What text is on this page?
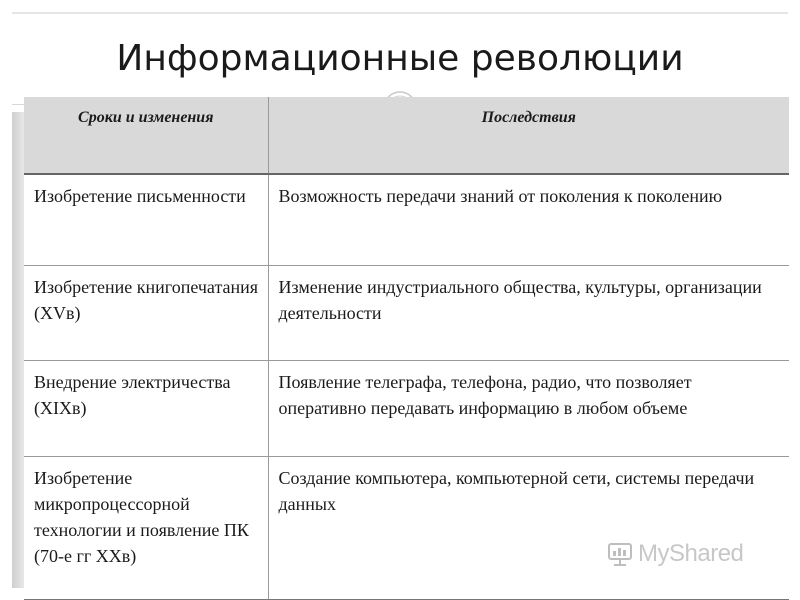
Информационные революции
Сроки и изменения	Последствия
Изобретение письменности	Возможность передачи знаний от поколения к поколению
Изобретение книгопечатания (XVв)	Изменение индустриального общества, культуры, организации деятельности
Внедрение электричества (XIXв)	Появление телеграфа, телефона, радио, что позволяет оперативно передавать информацию в любом объеме
Изобретение микропроцессорной технологии и появление ПК (70-е гг XXв)	Создание компьютера, компьютерной сети, системы передачи данных
MyShared
